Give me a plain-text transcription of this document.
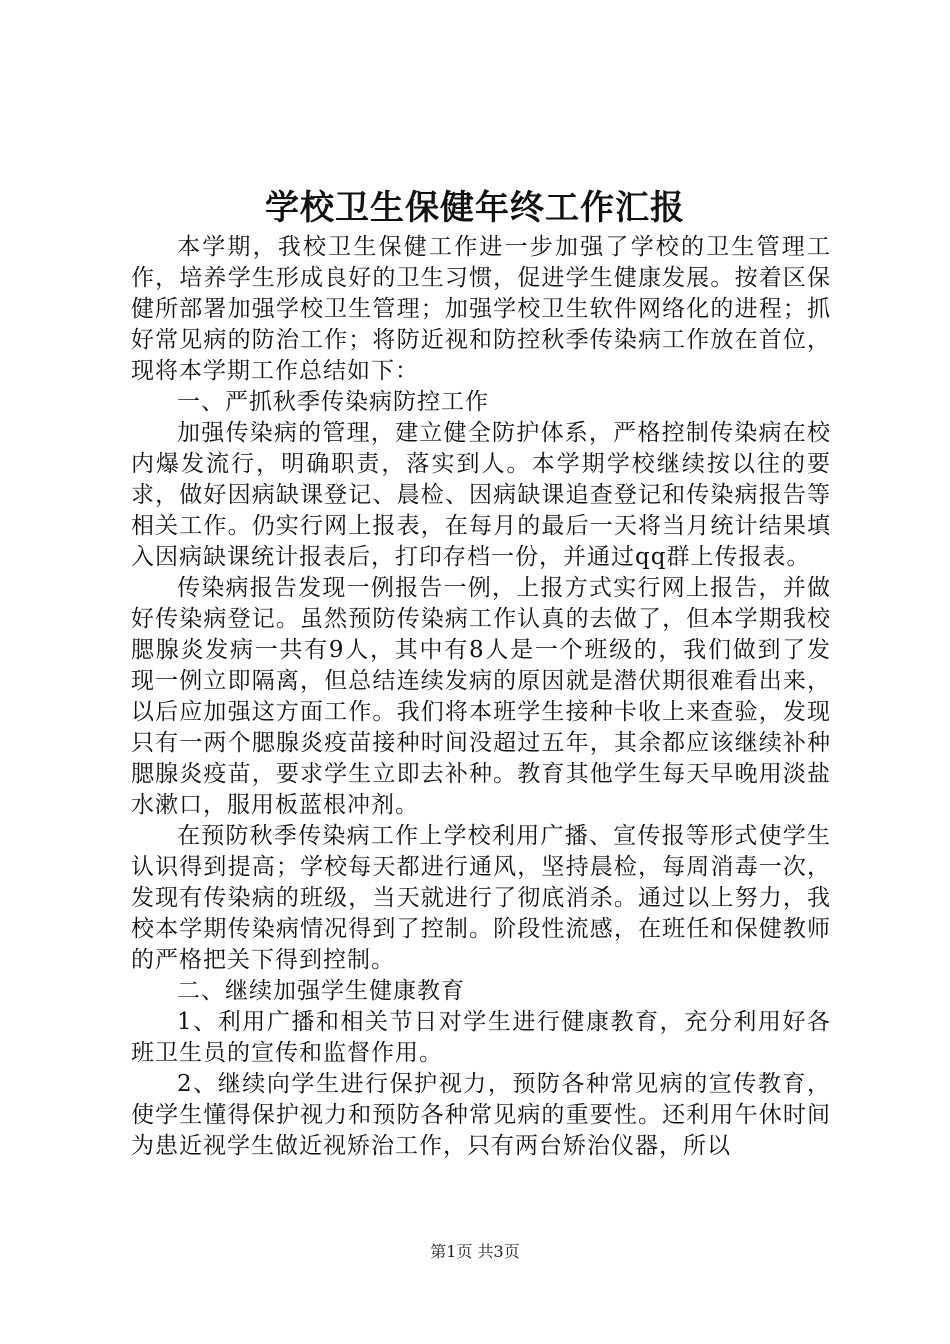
学校卫生保健年终工作汇报

本学期，我校卫生保健工作进一步加强了学校的卫生管理工作，培养学生形成良好的卫生习惯，促进学生健康发展。按着区保健所部署加强学校卫生管理；加强学校卫生软件网络化的进程；抓好常见病的防治工作；将防近视和防控秋季传染病工作放在首位，现将本学期工作总结如下：

一、严抓秋季传染病防控工作

加强传染病的管理，建立健全防护体系，严格控制传染病在校内爆发流行，明确职责，落实到人。本学期学校继续按以往的要求，做好因病缺课登记、晨检、因病缺课追查登记和传染病报告等相关工作。仍实行网上报表，在每月的最后一天将当月统计结果填入因病缺课统计报表后，打印存档一份，并通过qq群上传报表。

传染病报告发现一例报告一例，上报方式实行网上报告，并做好传染病登记。虽然预防传染病工作认真的去做了，但本学期我校腮腺炎发病一共有9人，其中有8人是一个班级的，我们做到了发现一例立即隔离，但总结连续发病的原因就是潜伏期很难看出来，以后应加强这方面工作。我们将本班学生接种卡收上来查验，发现只有一两个腮腺炎疫苗接种时间没超过五年，其余都应该继续补种腮腺炎疫苗，要求学生立即去补种。教育其他学生每天早晚用淡盐水漱口，服用板蓝根冲剂。

在预防秋季传染病工作上学校利用广播、宣传报等形式使学生认识得到提高；学校每天都进行通风，坚持晨检，每周消毒一次，发现有传染病的班级，当天就进行了彻底消杀。通过以上努力，我校本学期传染病情况得到了控制。阶段性流感，在班任和保健教师的严格把关下得到控制。

二、继续加强学生健康教育

1、利用广播和相关节日对学生进行健康教育，充分利用好各班卫生员的宣传和监督作用。

2、继续向学生进行保护视力，预防各种常见病的宣传教育，使学生懂得保护视力和预防各种常见病的重要性。还利用午休时间为患近视学生做近视矫治工作，只有两台矫治仪器，所以

第1页 共3页
